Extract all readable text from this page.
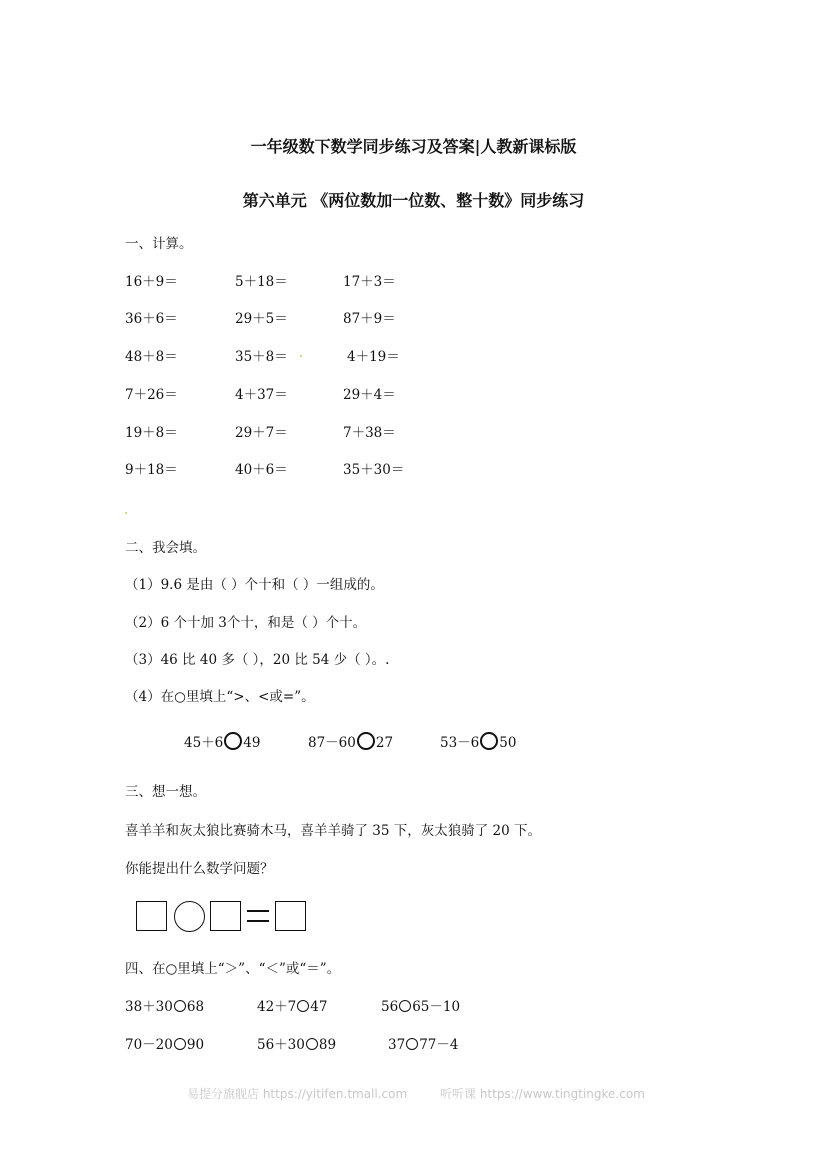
一年级数下数学同步练习及答案|人教新课标版
第六单元 《两位数加一位数、整十数》同步练习
一、计算。
16＋9＝	5＋18＝	17＋3＝
36＋6＝	29＋5＝	87＋9＝
48＋8＝	35＋8＝	4＋19＝
7＋26＝	4＋37＝	29＋4＝
19＋8＝	29＋7＝	7＋38＝
9＋18＝	40＋6＝	35＋30＝
二、我会填。
（1）9.6 是由（ ）个十和（ ）一组成的。
（2）6 个十加 3个十，和是（ ）个十。
（3）46 比 40 多（ ），20 比 54 少（ ）。.
（4）在○里填上“>、<或=”。
45＋6 49	87－60 27	53－6 50
三、想一想。
喜羊羊和灰太狼比赛骑木马，喜羊羊骑了 35 下，灰太狼骑了 20 下。
你能提出什么数学问题？
四、在○里填上“＞”、“＜”或“＝”。
38＋30 68	42＋7 47	56 65－10
70－20 90	56＋30 89	37 77－4
易提分旗舰店 https://yitifen.tmall.com	听听课 https://www.tingtingke.com
